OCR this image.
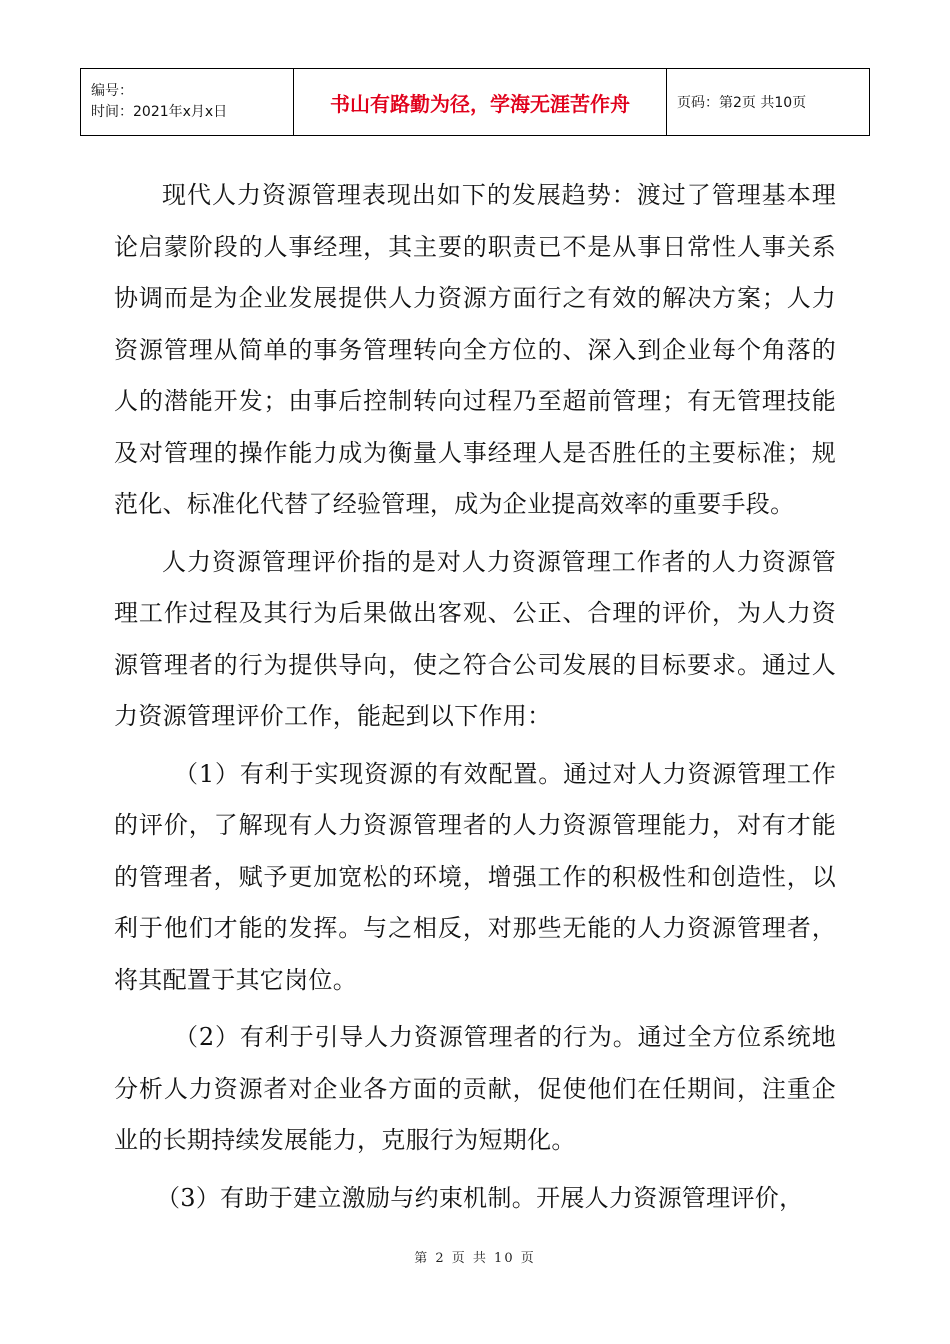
编号：
时间：2021年x月x日	书山有路勤为径，学海无涯苦作舟	页码：第2页 共10页

现代人力资源管理表现出如下的发展趋势：渡过了管理基本理论启蒙阶段的人事经理，其主要的职责已不是从事日常性人事关系协调而是为企业发展提供人力资源方面行之有效的解决方案；人力资源管理从简单的事务管理转向全方位的、深入到企业每个角落的人的潜能开发；由事后控制转向过程乃至超前管理；有无管理技能及对管理的操作能力成为衡量人事经理人是否胜任的主要标准；规范化、标准化代替了经验管理，成为企业提高效率的重要手段。

人力资源管理评价指的是对人力资源管理工作者的人力资源管理工作过程及其行为后果做出客观、公正、合理的评价，为人力资源管理者的行为提供导向，使之符合公司发展的目标要求。通过人力资源管理评价工作，能起到以下作用：

（1）有利于实现资源的有效配置。通过对人力资源管理工作的评价，了解现有人力资源管理者的人力资源管理能力，对有才能的管理者，赋予更加宽松的环境，增强工作的积极性和创造性，以利于他们才能的发挥。与之相反，对那些无能的人力资源管理者，将其配置于其它岗位。

（2）有利于引导人力资源管理者的行为。通过全方位系统地分析人力资源者对企业各方面的贡献，促使他们在任期间，注重企业的长期持续发展能力，克服行为短期化。

（3）有助于建立激励与约束机制。开展人力资源管理评价，

第 2 页 共 10 页
